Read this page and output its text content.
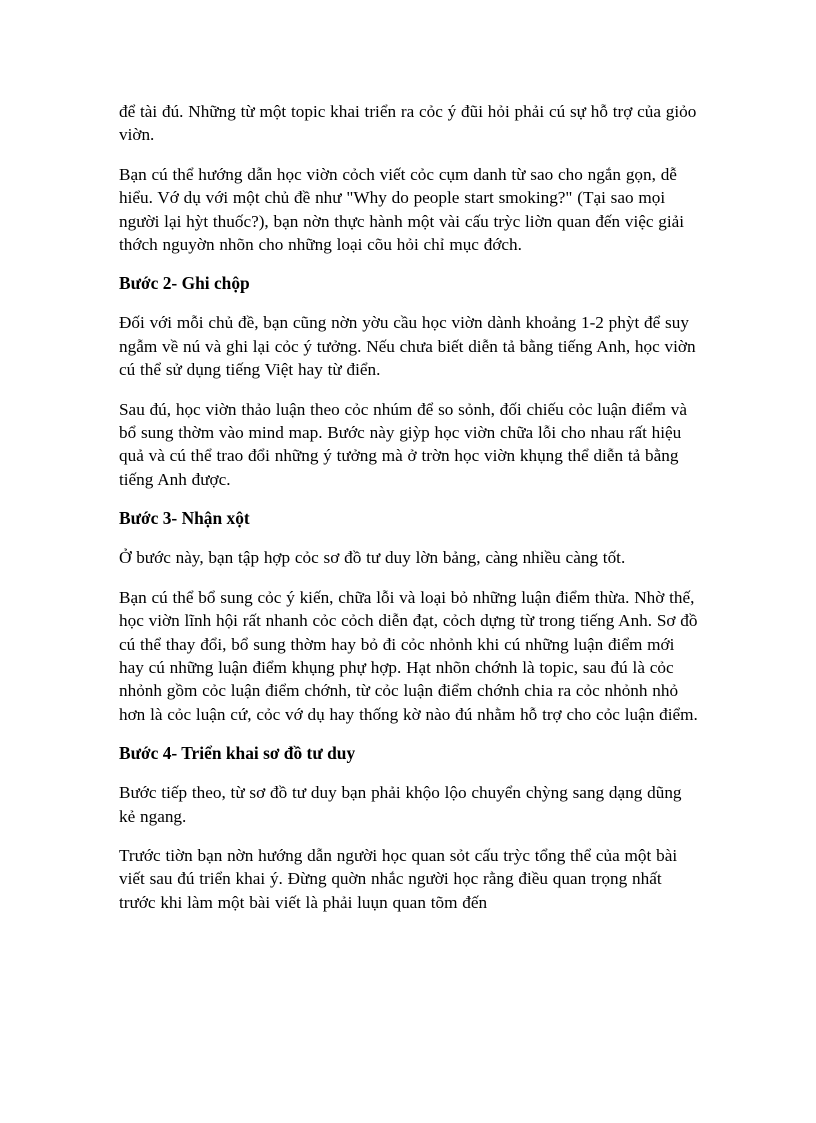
để tài đú. Những từ một topic khai triển ra cỏc ý đũi hỏi phải cú sự hỗ trợ của giỏo viờn.

Bạn cú thể hướng dẫn học viờn cỏch viết cỏc cụm danh từ sao cho ngắn gọn, dễ hiểu. Vớ dụ với một chủ đề như "Why do people start smoking?" (Tại sao mọi người lại hỳt thuốc?), bạn nờn thực hành một vài cấu trỳc liờn quan đến việc giải thớch nguyờn nhõn cho những loại cõu hỏi chỉ mục đớch.

Bước 2- Ghi chộp

Đối với mỗi chủ đề, bạn cũng nờn yờu cầu học viờn dành khoảng 1-2 phỳt để suy ngẫm về nú và ghi lại cỏc ý tưởng. Nếu chưa biết diễn tả bằng tiếng Anh, học viờn cú thể sử dụng tiếng Việt hay từ điển.

Sau đú, học viờn thảo luận theo cỏc nhúm để so sỏnh, đối chiếu cỏc luận điểm và bổ sung thờm vào mind map. Bước này giỳp học viờn chữa lỗi cho nhau rất hiệu quả và cú thể trao đổi những ý tưởng mà ở trờn học viờn khụng thể diễn tả bằng tiếng Anh được.

Bước 3- Nhận xột

Ở bước này, bạn tập hợp cỏc sơ đồ tư duy lờn bảng, càng nhiều càng tốt.

Bạn cú thể bổ sung cỏc ý kiến, chữa lỗi và loại bỏ những luận điểm thừa. Nhờ thế, học viờn lĩnh hội rất nhanh cỏc cỏch diễn đạt, cỏch dựng từ trong tiếng Anh. Sơ đồ cú thể thay đổi, bổ sung thờm hay bỏ đi cỏc nhỏnh khi cú những luận điểm mới hay cú những luận điểm khụng phự hợp. Hạt nhõn chớnh là topic, sau đú là cỏc nhỏnh gồm cỏc luận điểm chớnh, từ cỏc luận điểm chớnh chia ra cỏc nhỏnh nhỏ hơn là cỏc luận cứ, cỏc vớ dụ hay thống kờ nào đú nhằm hỗ trợ cho cỏc luận điểm.

Bước 4- Triển khai sơ đồ tư duy

Bước tiếp theo, từ sơ đồ tư duy bạn phải khộo lộo chuyển chỳng sang dạng dũng kẻ ngang.

Trước tiờn bạn nờn hướng dẫn người học quan sỏt cấu trỳc tổng thể của một bài viết sau đú triển khai ý. Đừng quờn nhắc người học rằng điều quan trọng nhất trước khi làm một bài viết là phải luụn quan tõm đến
